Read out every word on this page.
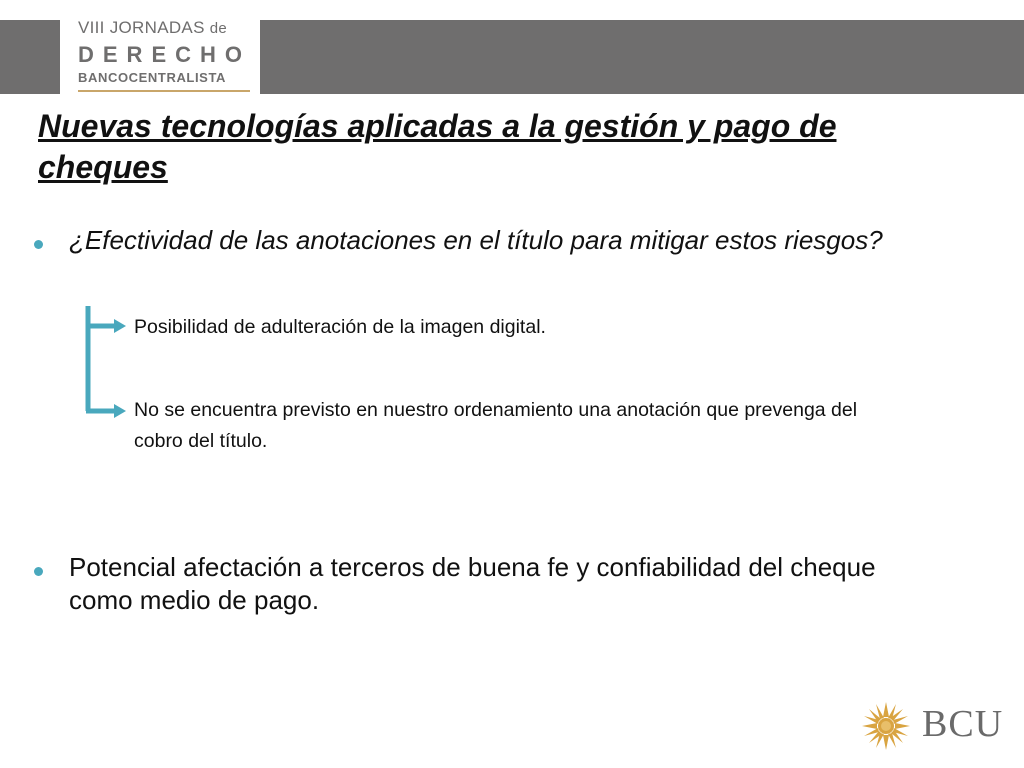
VIII JORNADAS de
DERECHO
BANCOCENTRALISTA
Nuevas tecnologías aplicadas a la gestión y pago de cheques
¿Efectividad de las anotaciones en el título para mitigar estos riesgos?
Posibilidad de adulteración de la imagen digital.
No se encuentra previsto en nuestro ordenamiento una anotación que prevenga del cobro del título.
Potencial afectación a terceros de buena fe y confiabilidad del cheque como medio de pago.
BCU
